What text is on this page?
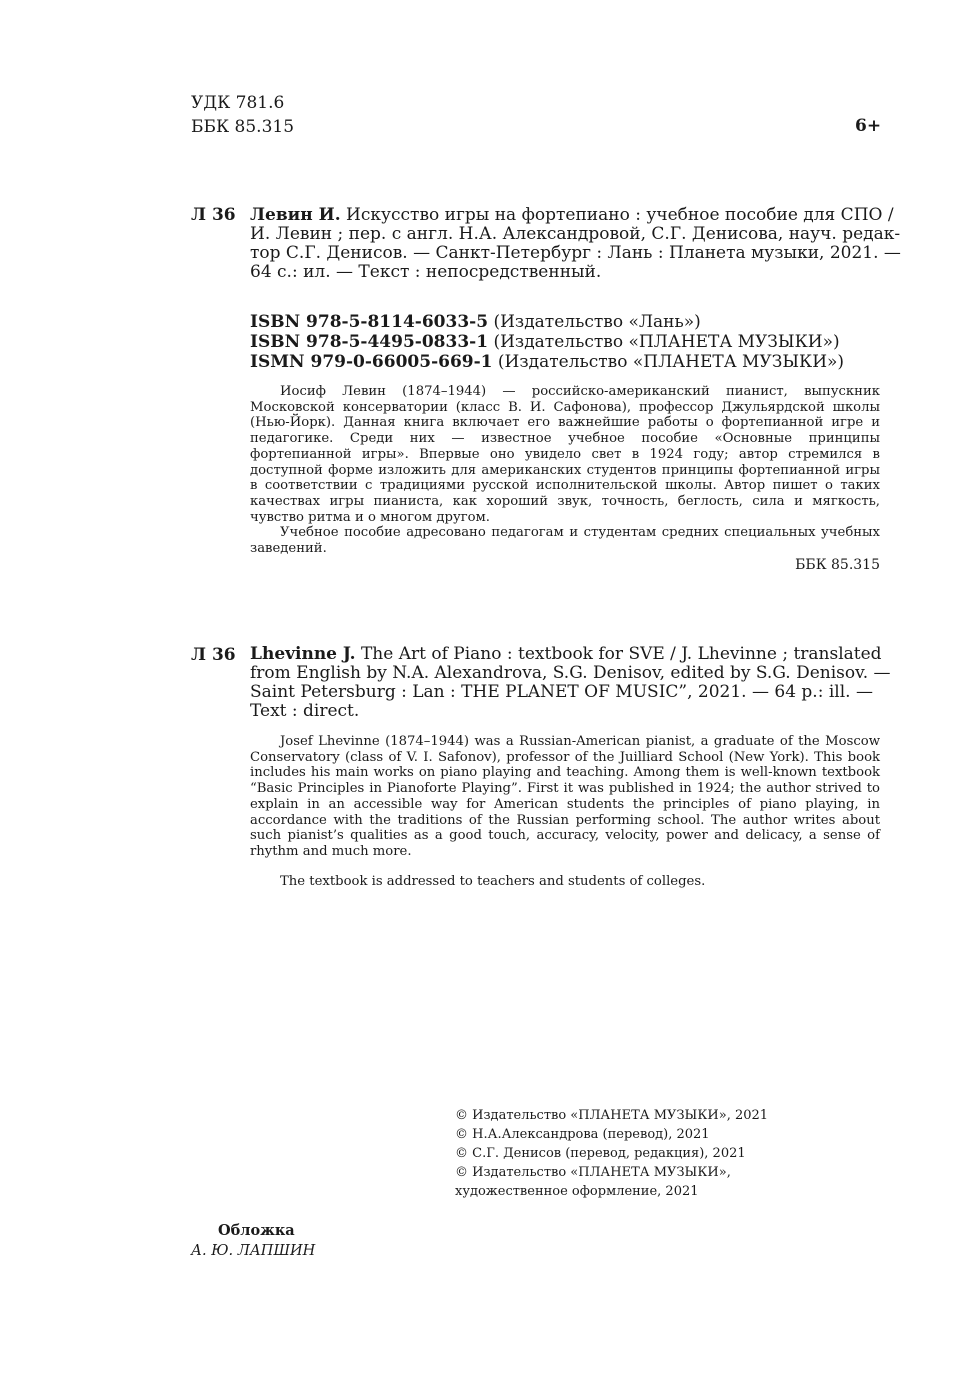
УДК 781.6
ББК 85.315	6+
Л 36 Левин И. Искусство игры на фортепиано : учебное пособие для СПО /
И. Левин ; пер. с англ. Н.А. Александровой, С.Г. Денисова, науч. редак-
тор С.Г. Денисов. — Санкт-Петербург : Лань : Планета музыки, 2021. —
64 с.: ил. — Текст : непосредственный.
ISBN 978-5-8114-6033-5 (Издательство «Лань»)
ISBN 978-5-4495-0833-1 (Издательство «ПЛАНЕТА МУЗЫКИ»)
ISMN 979-0-66005-669-1 (Издательство «ПЛАНЕТА МУЗЫКИ»)

Иосиф Левин (1874–1944) — российско-американский пианист, выпускник Московской консерватории (класс В. И. Сафонова), профессор Джульярдской школы (Нью-Йорк). Данная книга включает его важнейшие работы о фортепианной игре и педагогике. Среди них — известное учебное пособие «Основные принципы фортепианной игры». Впервые оно увидело свет в 1924 году; автор стремился в доступной форме изложить для американских студентов принципы фортепианной игры в соответствии с традициями русской исполнительской школы. Автор пишет о таких качествах игры пианиста, как хороший звук, точность, беглость, сила и мягкость, чувство ритма и о многом другом.

Учебное пособие адресовано педагогам и студентам средних специальных учебных заведений.

ББК 85.315
Л 36 Lhevinne J. The Art of Piano : textbook for SVE / J. Lhevinne ; translated
from English by N.A. Alexandrova, S.G. Denisov, edited by S.G. Denisov. —
Saint Petersburg : Lan : THE PLANET OF MUSIC”, 2021. — 64 p.: ill. —
Text : direct.

Josef Lhevinne (1874–1944) was a Russian-American pianist, a graduate of the Moscow Conservatory (class of V. I. Safonov), professor of the Juilliard School (New York). This book includes his main works on piano playing and teaching. Among them is well-known textbook “Basic Principles in Pianoforte Playing”. First it was published in 1924; the author strived to explain in an accessible way for American students the principles of piano playing, in accordance with the traditions of the Russian performing school. The author writes about such pianist’s qualities as a good touch, accuracy, velocity, power and delicacy, a sense of rhythm and much more.

The textbook is addressed to teachers and students of colleges.

© Издательство «ПЛАНЕТА МУЗЫКИ», 2021
© Н.А.Александрова (перевод), 2021
© С.Г. Денисов (перевод, редакция), 2021
© Издательство «ПЛАНЕТА МУЗЫКИ»,
художественное оформление, 2021
Обложка
А. Ю. ЛАПШИН
